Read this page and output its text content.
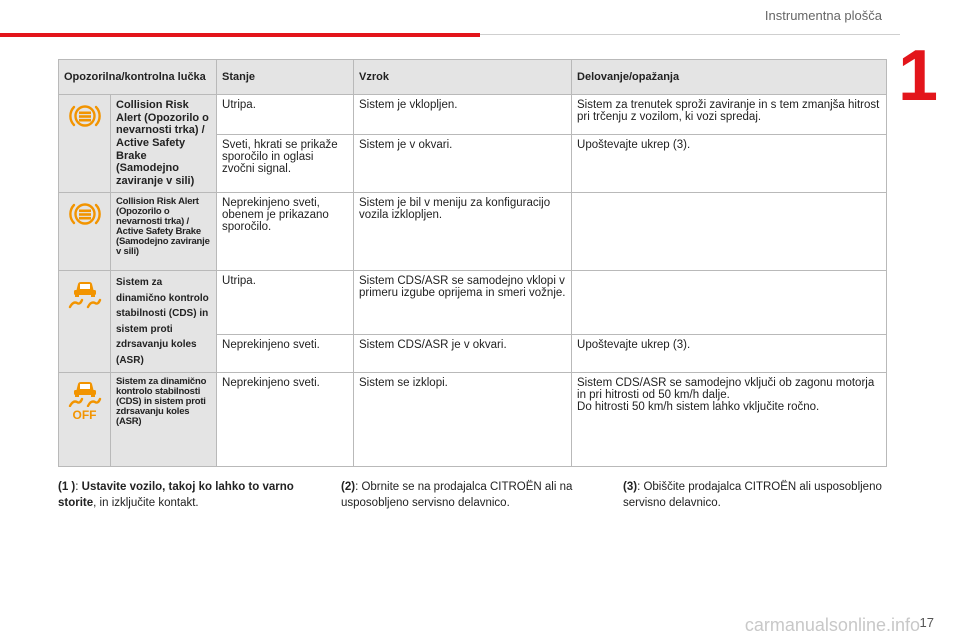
Instrumentna plošča
1
Opozorilna/kontrolna lučka		Stanje	Vzrok	Delovanje/opažanja

	Collision Risk Alert (Opozorilo o nevarnosti trka) / Active Safety Brake (Samodejno zaviranje v sili)	Utripa.	Sistem je vklopljen.	Sistem za trenutek sproži zaviranje in s tem zmanjša hitrost pri trčenju z vozilom, ki vozi spredaj.
		Sveti, hkrati se prikaže sporočilo in oglasi zvočni signal.	Sistem je v okvari.	Upoštevajte ukrep (3).

	Collision Risk Alert (Opozorilo o nevarnosti trka) / Active Safety Brake (Samodejno zaviranje v sili)	Neprekinjeno sveti, obenem je prikazano sporočilo.	Sistem je bil v meniju za konfiguracijo vozila izklopljen.	

	Sistem za dinamično kontrolo stabilnosti (CDS) in sistem proti zdrsavanju koles (ASR)	Utripa.	Sistem CDS/ASR se samodejno vklopi v primeru izgube oprijema in smeri vožnje.	
		Neprekinjeno sveti.	Sistem CDS/ASR je v okvari.	Upoštevajte ukrep (3).

OFF	Sistem za dinamično kontrolo stabilnosti (CDS) in sistem proti zdrsavanju koles (ASR)	Neprekinjeno sveti.	Sistem se izklopi.	Sistem CDS/ASR se samodejno vključi ob zagonu motorja in pri hitrosti od 50 km/h dalje.
Do hitrosti 50 km/h sistem lahko vključite ročno.
(1 ): Ustavite vozilo, takoj ko lahko to varno storite, in izključite kontakt.
(2): Obrnite se na prodajalca CITROËN ali na usposobljeno servisno delavnico.
(3): Obiščite prodajalca CITROËN ali usposobljeno servisno delavnico.
carmanualsonline.info 17
